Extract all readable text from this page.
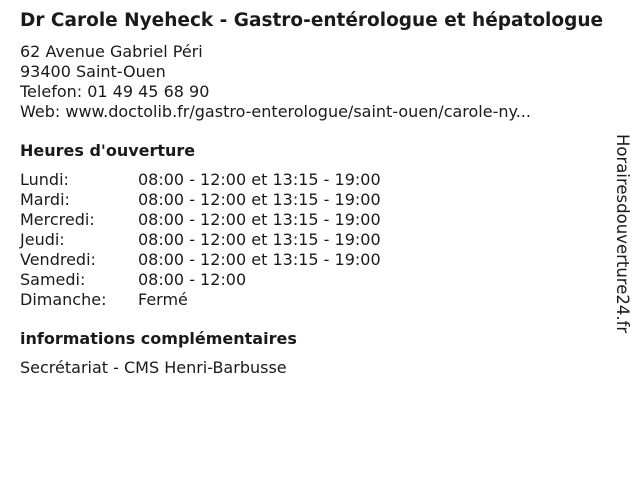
Dr Carole Nyeheck - Gastro-entérologue et hépatologue
62 Avenue Gabriel Péri
93400 Saint-Ouen
Telefon: 01 49 45 68 90
Web: www.doctolib.fr/gastro-enterologue/saint-ouen/carole-ny...
Heures d'ouverture
Lundi:	08:00 - 12:00 et 13:15 - 19:00
Mardi:	08:00 - 12:00 et 13:15 - 19:00
Mercredi:	08:00 - 12:00 et 13:15 - 19:00
Jeudi:	08:00 - 12:00 et 13:15 - 19:00
Vendredi:	08:00 - 12:00 et 13:15 - 19:00
Samedi:	08:00 - 12:00
Dimanche:	Fermé
informations complémentaires
Secrétariat - CMS Henri-Barbusse
Horairesdouverture24.fr
